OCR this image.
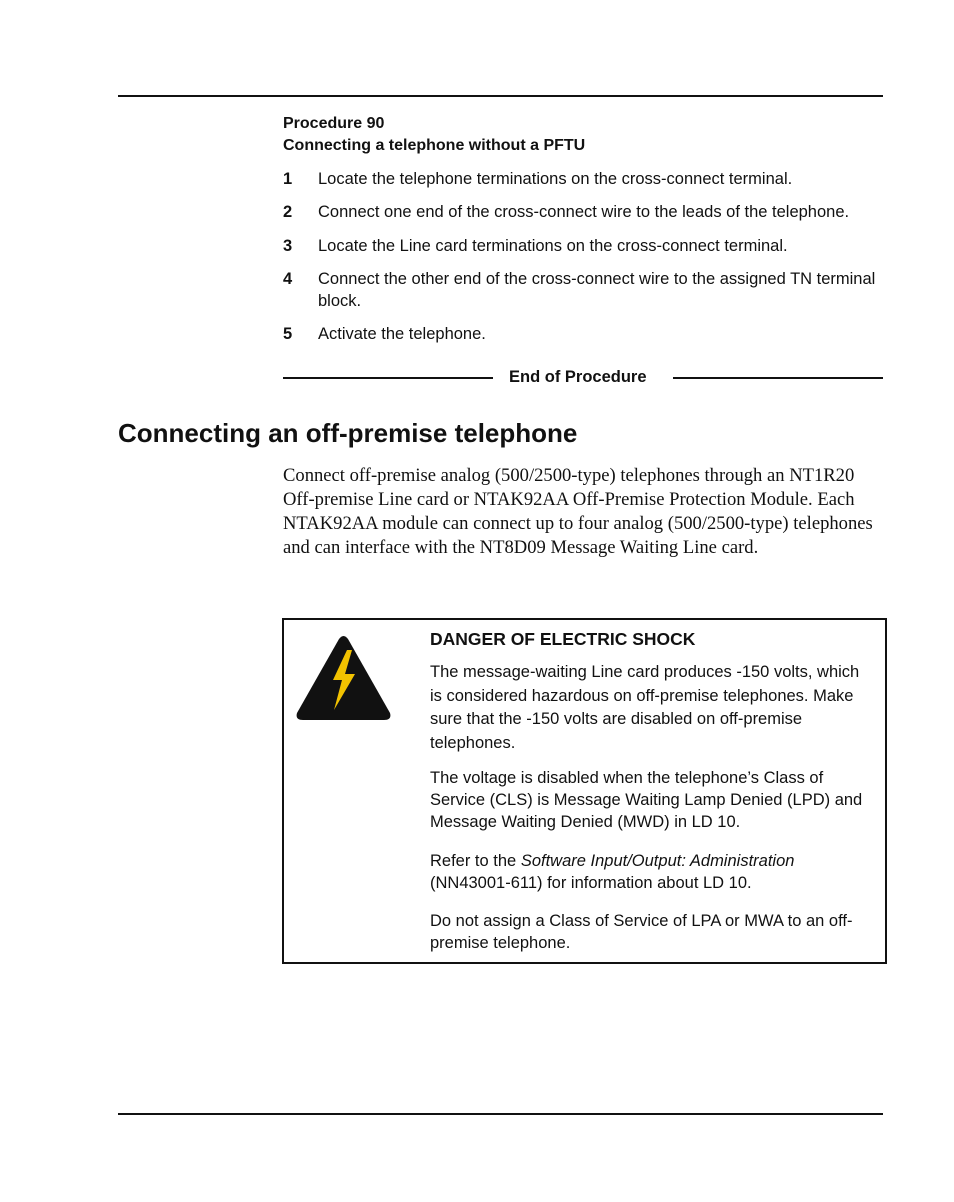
Procedure 90
Connecting a telephone without a PFTU
1 Locate the telephone terminations on the cross-connect terminal.
2 Connect one end of the cross-connect wire to the leads of the telephone.
3 Locate the Line card terminations on the cross-connect terminal.
4 Connect the other end of the cross-connect wire to the assigned TN terminal block.
5 Activate the telephone.
End of Procedure
Connecting an off-premise telephone

Connect off-premise analog (500/2500-type) telephones through an NT1R20 Off-premise Line card or NTAK92AA Off-Premise Protection Module. Each NTAK92AA module can connect up to four analog (500/2500-type) telephones and can interface with the NT8D09 Message Waiting Line card.

DANGER OF ELECTRIC SHOCK
The message-waiting Line card produces -150 volts, which is considered hazardous on off-premise telephones. Make sure that the -150 volts are disabled on off-premise telephones.
The voltage is disabled when the telephone’s Class of Service (CLS) is Message Waiting Lamp Denied (LPD) and Message Waiting Denied (MWD) in LD 10.
Refer to the Software Input/Output: Administration (NN43001-611) for information about LD 10.
Do not assign a Class of Service of LPA or MWA to an off-premise telephone.
